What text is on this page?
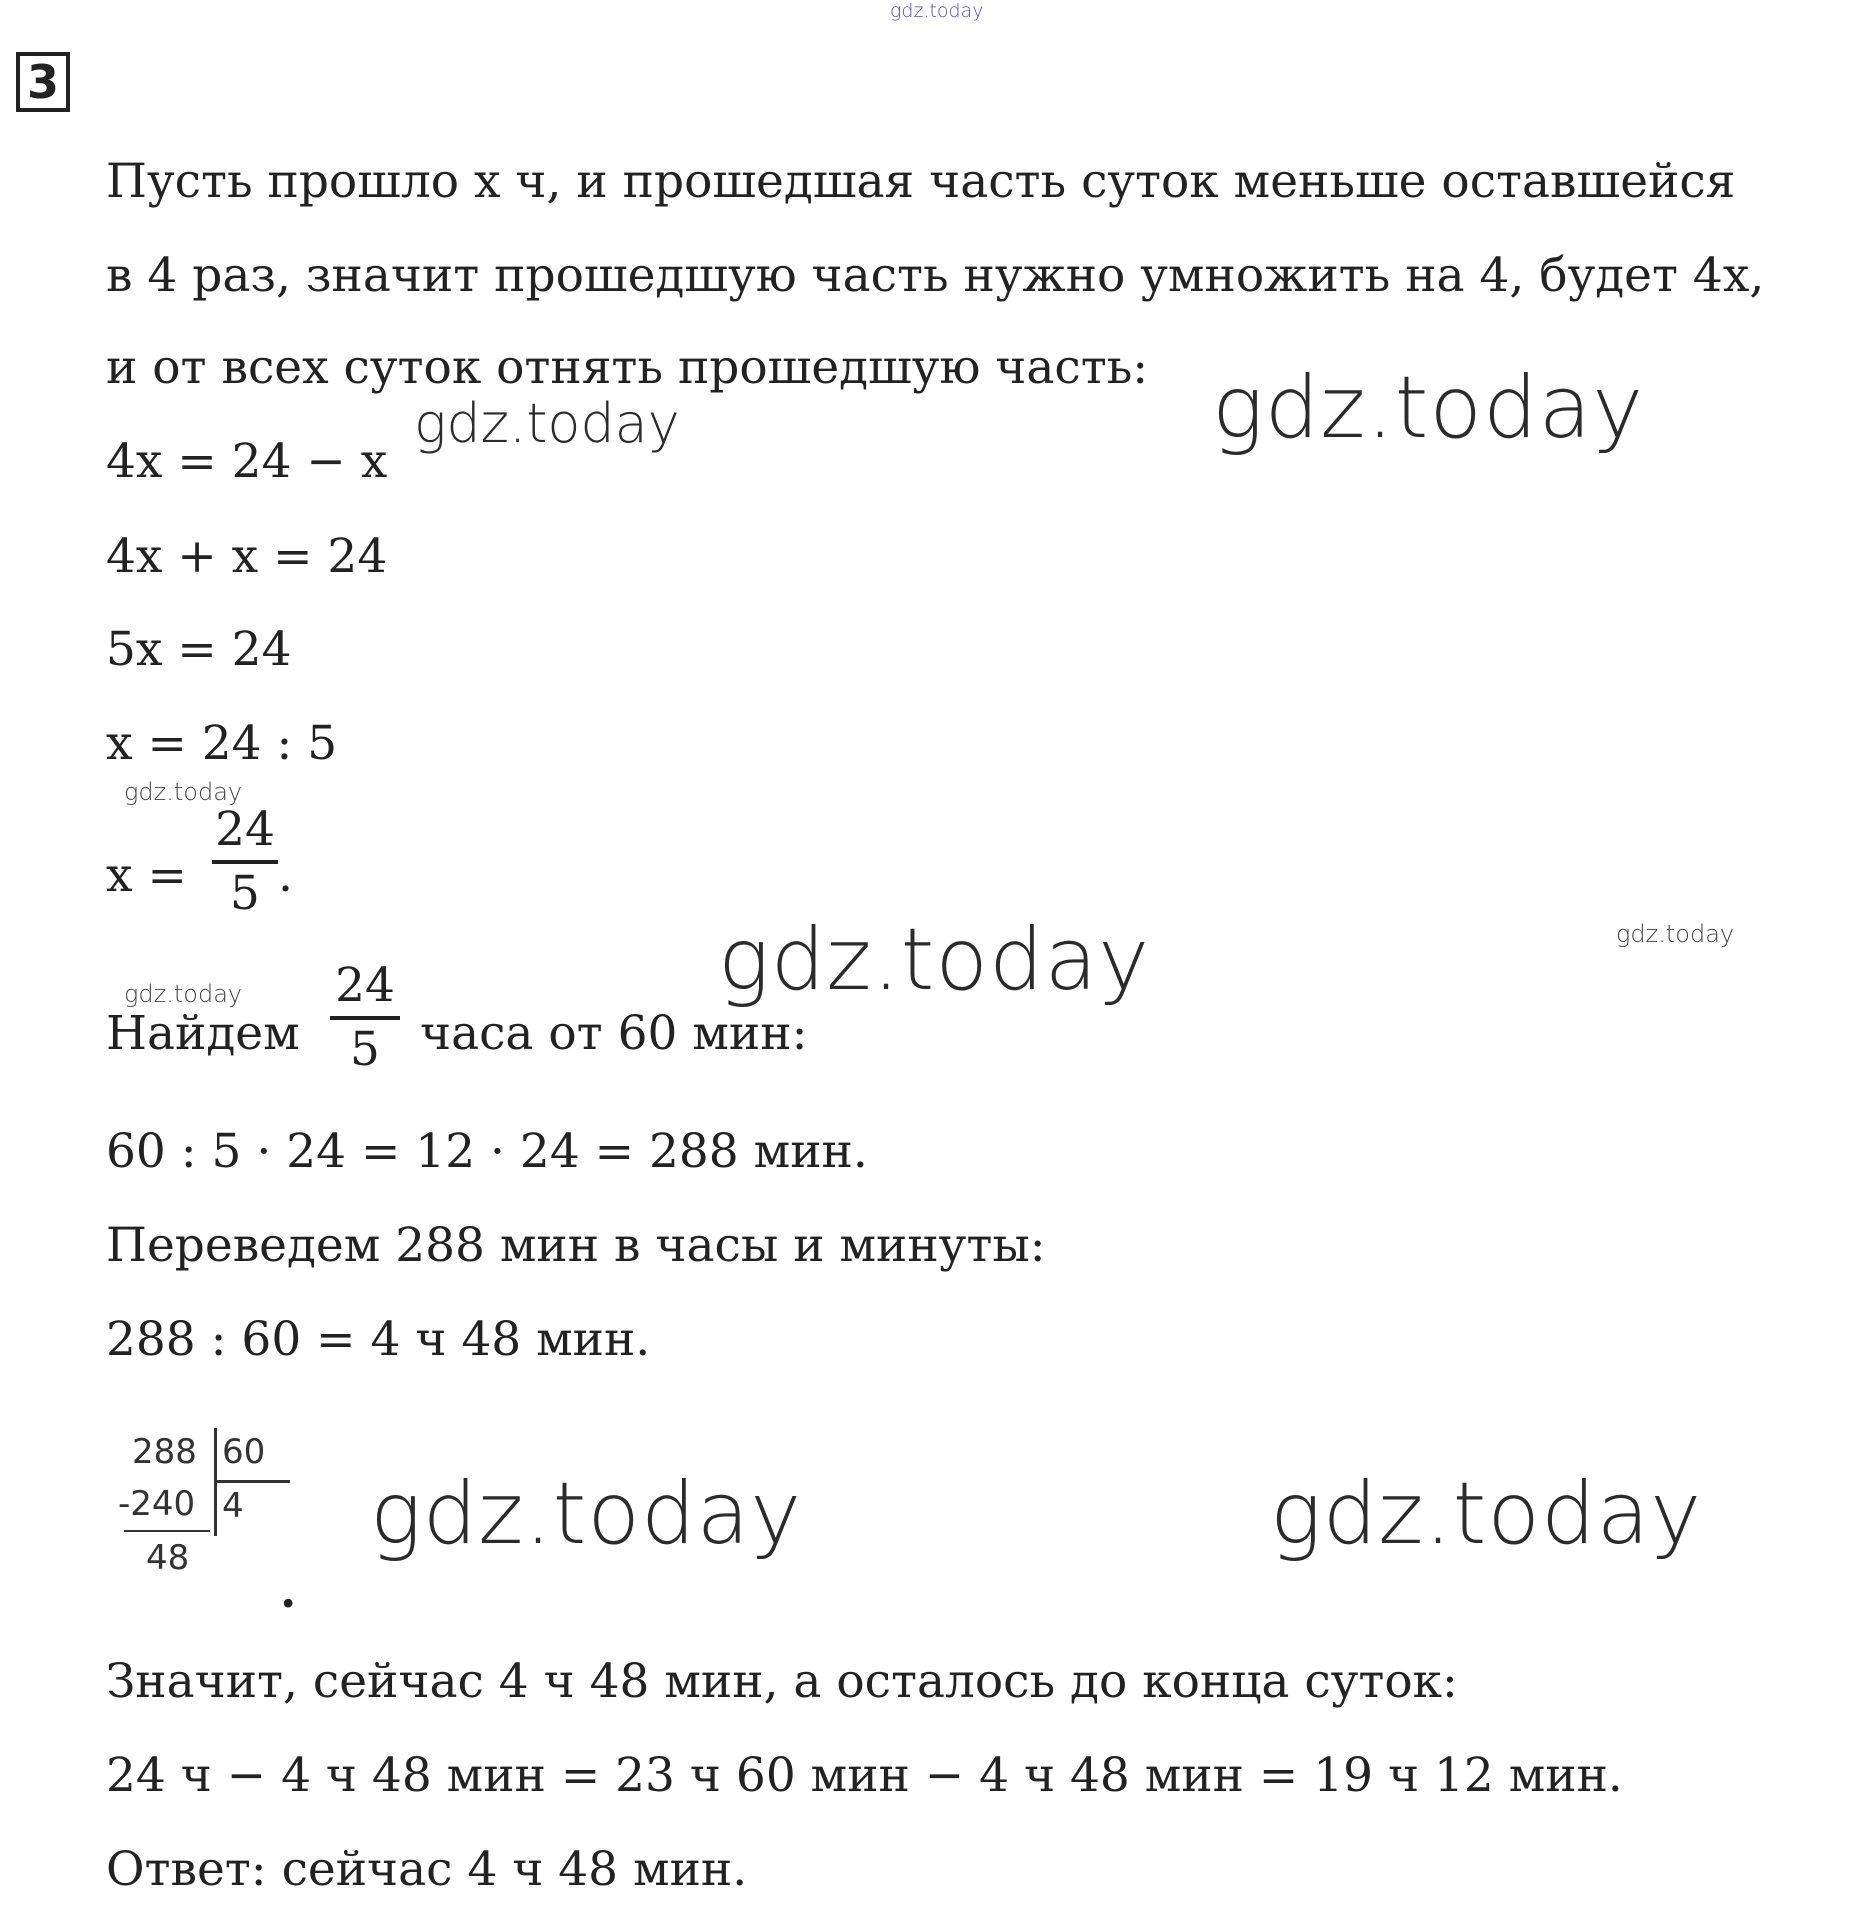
gdz.today
3
Пусть прошло x ч, и прошедшая часть суток меньше оставшейся
в 4 раз, значит прошедшую часть нужно умножить на 4, будет 4x,
и от всех суток отнять прошедшую часть:
4x = 24 − x
4x + x = 24
5x = 24
x = 24 : 5
x =
24
5 .
Найдем
24
5 часа от 60 мин:
60 : 5 · 24 = 12 · 24 = 288 мин.
Переведем 288 мин в часы и минуты:
288 : 60 = 4 ч 48 мин.
288 60
-240 4
48
.
Значит, сейчас 4 ч 48 мин, а осталось до конца суток:
24 ч − 4 ч 48 мин = 23 ч 60 мин − 4 ч 48 мин = 19 ч 12 мин.
Ответ: сейчас 4 ч 48 мин.
gdz.today
gdz.today
gdz.today
gdz.today	gdz.today
gdz.today
gdz.today	gdz.today
